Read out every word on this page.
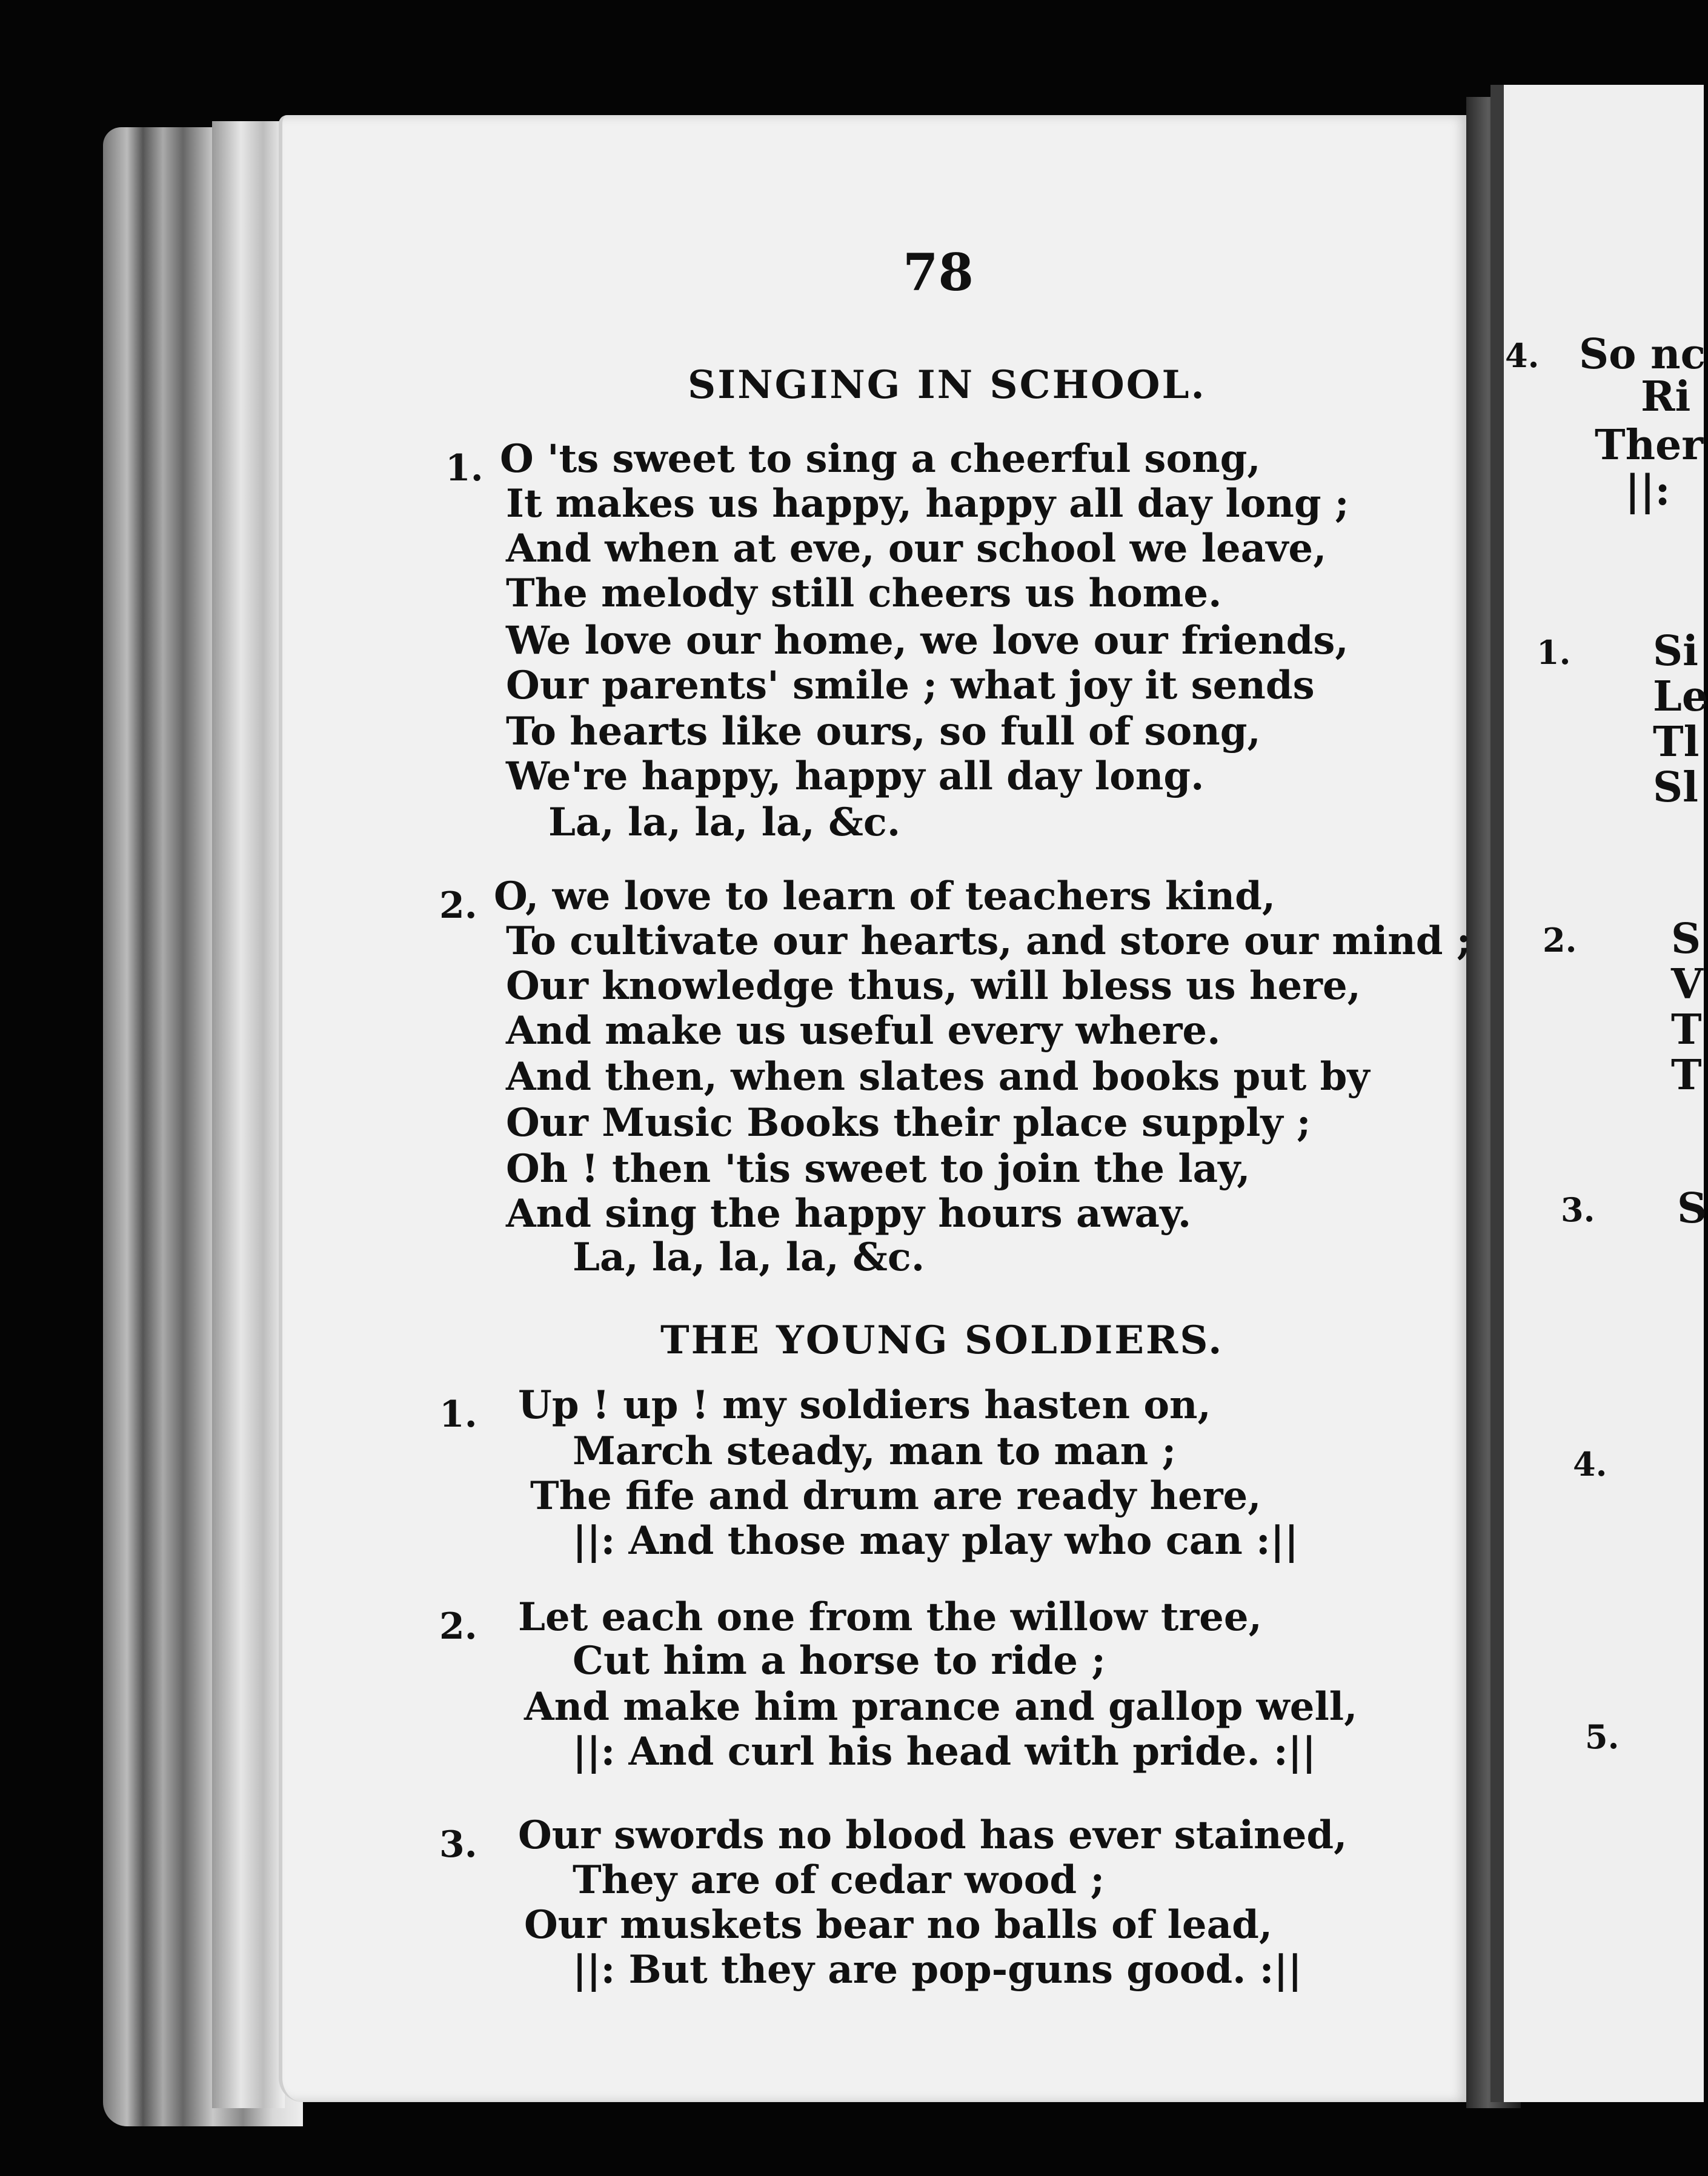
4. So nc
Ri
Ther
||:
1. Si
Le
Tl
Sl
2. S
V
T
T
3. S
4.
5.
78
SINGING IN SCHOOL.
1. O 'ts sweet to sing a cheerful song,
It makes us happy, happy all day long ;
And when at eve, our school we leave,
The melody still cheers us home.
We love our home, we love our friends,
Our parents' smile ; what joy it sends
To hearts like ours, so full of song,
We're happy, happy all day long.
La, la, la, la, &c.
2. O, we love to learn of teachers kind,
To cultivate our hearts, and store our mind ;
Our knowledge thus, will bless us here,
And make us useful every where.
And then, when slates and books put by
Our Music Books their place supply ;
Oh ! then 'tis sweet to join the lay,
And sing the happy hours away.
La, la, la, la, &c.
THE YOUNG SOLDIERS.
1. Up ! up ! my soldiers hasten on,
March steady, man to man ;
The fife and drum are ready here,
||: And those may play who can :||
2. Let each one from the willow tree,
Cut him a horse to ride ;
And make him prance and gallop well,
||: And curl his head with pride. :||
3. Our swords no blood has ever stained,
They are of cedar wood ;
Our muskets bear no balls of lead,
||: But they are pop-guns good. :||
